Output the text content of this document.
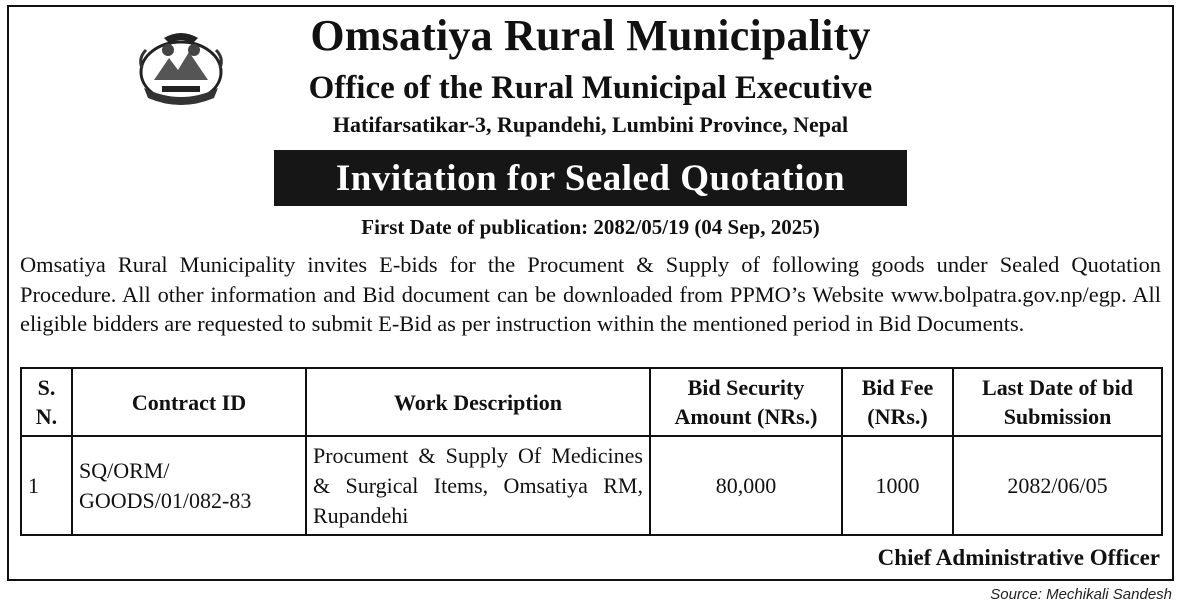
Omsatiya Rural Municipality
Office of the Rural Municipal Executive
Hatifarsatikar-3, Rupandehi, Lumbini Province, Nepal
Invitation for Sealed Quotation
First Date of publication: 2082/05/19 (04 Sep, 2025)
Omsatiya Rural Municipality invites E-bids for the Procument & Supply of following goods under Sealed Quotation Procedure. All other information and Bid document can be downloaded from PPMO’s Website www.bolpatra.gov.np/egp. All eligible bidders are requested to submit E-Bid as per instruction within the mentioned period in Bid Documents.
S. N.	Contract ID	Work Description	Bid Security Amount (NRs.)	Bid Fee (NRs.)	Last Date of bid Submission
1	SQ/ORM/ GOODS/01/082-83	Procument & Supply Of Medicines & Surgical Items, Omsatiya RM, Rupandehi	80,000	1000	2082/06/05
Chief Administrative Officer
Source: Mechikali Sandesh
